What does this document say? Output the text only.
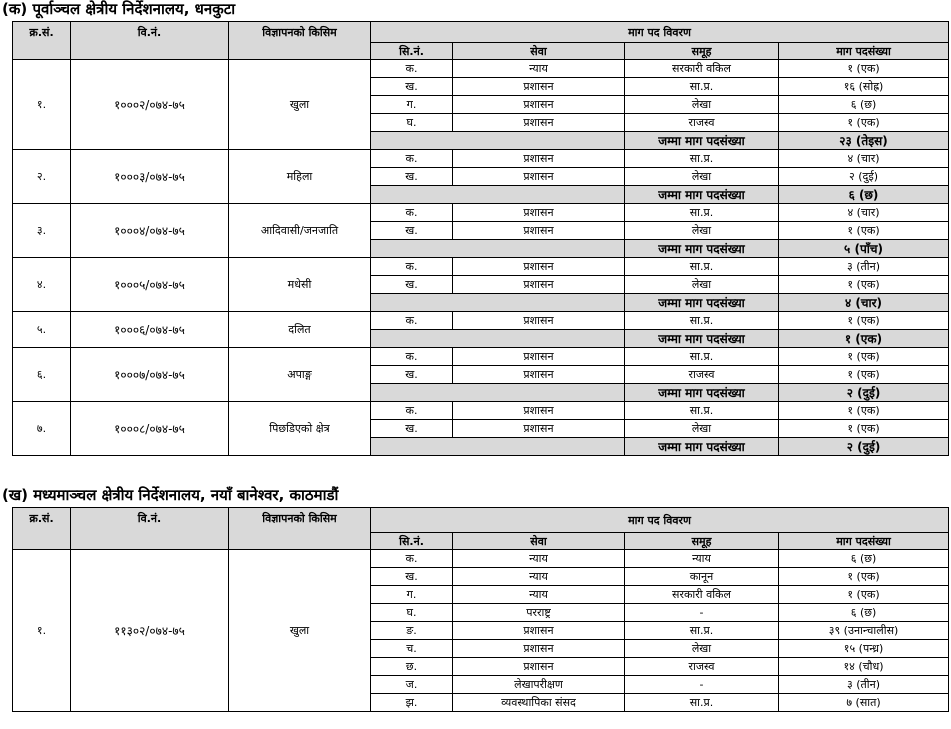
(क) पूर्वाञ्चल क्षेत्रीय निर्देशनालय, धनकुटा
क्र.सं.	वि.नं.	विज्ञापनको किसिम	माग पद विवरण			
			सि.नं.	सेवा	समूह	माग पदसंख्या
१.	१०००२/०७४-७५	खुला	क.	न्याय	सरकारी वकिल	१ (एक)
			ख.	प्रशासन	सा.प्र.	१६ (सोह्र)
			ग.	प्रशासन	लेखा	६ (छ)
			घ.	प्रशासन	राजस्व	१ (एक)
					जम्मा माग पदसंख्या	२३ (तेइस)
२.	१०००३/०७४-७५	महिला	क.	प्रशासन	सा.प्र.	४ (चार)
			ख.	प्रशासन	लेखा	२ (दुई)
					जम्मा माग पदसंख्या	६ (छ)
३.	१०००४/०७४-७५	आदिवासी/जनजाति	क.	प्रशासन	सा.प्र.	४ (चार)
			ख.	प्रशासन	लेखा	१ (एक)
					जम्मा माग पदसंख्या	५ (पाँच)
४.	१०००५/०७४-७५	मधेसी	क.	प्रशासन	सा.प्र.	३ (तीन)
			ख.	प्रशासन	लेखा	१ (एक)
					जम्मा माग पदसंख्या	४ (चार)
५.	१०००६/०७४-७५	दलित	क.	प्रशासन	सा.प्र.	१ (एक)
					जम्मा माग पदसंख्या	१ (एक)
६.	१०००७/०७४-७५	अपाङ्ग	क.	प्रशासन	सा.प्र.	१ (एक)
			ख.	प्रशासन	राजस्व	१ (एक)
					जम्मा माग पदसंख्या	२ (दुई)
७.	१०००८/०७४-७५	पिछडिएको क्षेत्र	क.	प्रशासन	सा.प्र.	१ (एक)
			ख.	प्रशासन	लेखा	१ (एक)
					जम्मा माग पदसंख्या	२ (दुई)
(ख) मध्यमाञ्चल क्षेत्रीय निर्देशनालय, नयाँ बानेश्वर, काठमाडौं
क्र.सं.	वि.नं.	विज्ञापनको किसिम	माग पद विवरण			
			सि.नं.	सेवा	समूह	माग पदसंख्या
१.	११३०२/०७४-७५	खुला	क.	न्याय	न्याय	६ (छ)
			ख.	न्याय	कानून	१ (एक)
			ग.	न्याय	सरकारी वकिल	१ (एक)
			घ.	परराष्ट्र	-	६ (छ)
			ङ.	प्रशासन	सा.प्र.	३९ (उनान्चालीस)
			च.	प्रशासन	लेखा	१५ (पन्ध्र)
			छ.	प्रशासन	राजस्व	१४ (चौध)
			ज.	लेखापरीक्षण	-	३ (तीन)
			झ.	व्यवस्थापिका संसद	सा.प्र.	७ (सात)
